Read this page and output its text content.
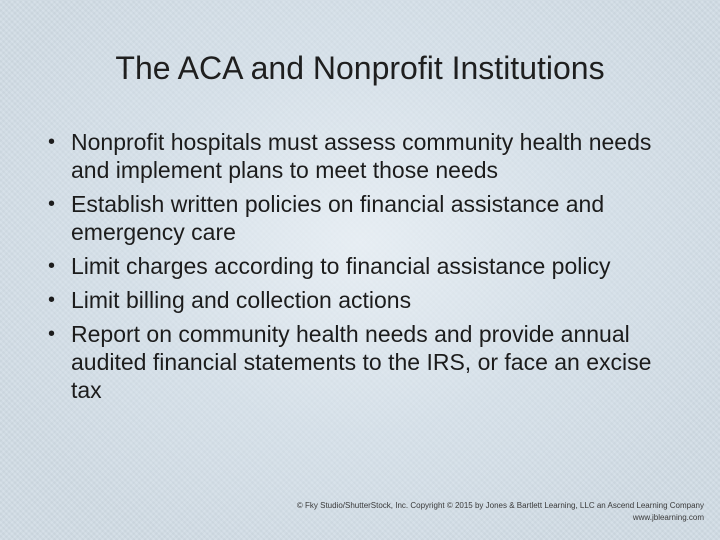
The ACA and Nonprofit Institutions
• Nonprofit hospitals must assess community health needs and implement plans to meet those needs
• Establish written policies on financial assistance and emergency care
• Limit charges according to financial assistance policy
• Limit billing and collection actions
• Report on community health needs and provide annual audited financial statements to the IRS, or face an excise tax
© Fky Studio/ShutterStock, Inc. Copyright © 2015 by Jones & Bartlett Learning, LLC an Ascend Learning Company
www.jblearning.com
